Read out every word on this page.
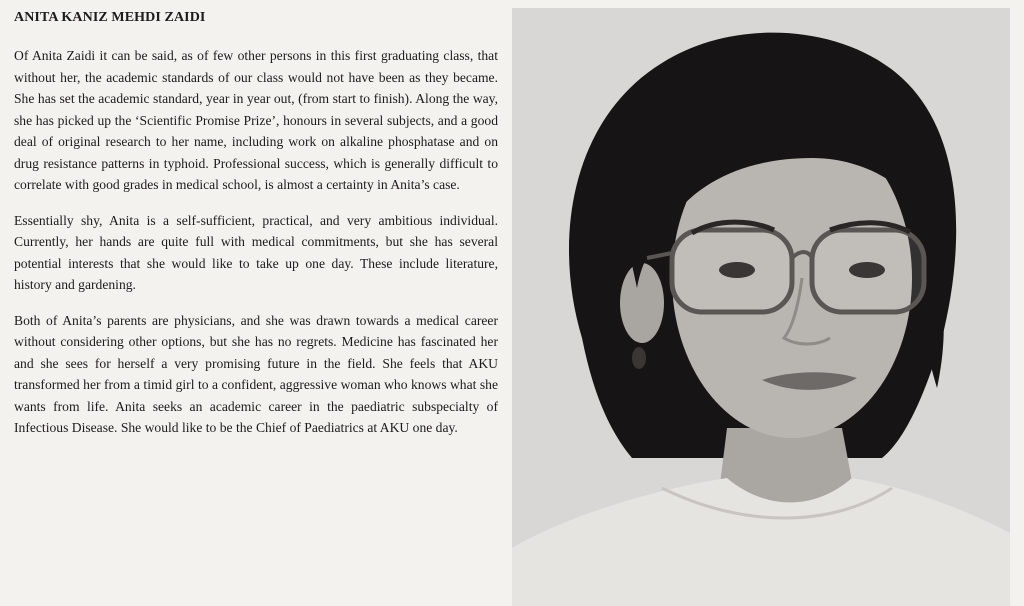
ANITA KANIZ MEHDI ZAIDI

Of Anita Zaidi it can be said, as of few other persons in this first graduating class, that without her, the academic standards of our class would not have been as they became. She has set the academic standard, year in year out, (from start to finish). Along the way, she has picked up the ‘Scientific Promise Prize’, honours in several subjects, and a good deal of original research to her name, including work on alkaline phosphatase and on drug resistance patterns in typhoid. Professional success, which is generally difficult to correlate with good grades in medical school, is almost a certainty in Anita’s case.

Essentially shy, Anita is a self-sufficient, practical, and very ambitious individual. Currently, her hands are quite full with medical commitments, but she has several potential interests that she would like to take up one day. These include literature, history and gardening.

Both of Anita’s parents are physicians, and she was drawn towards a medical career without considering other options, but she has no regrets. Medicine has fascinated her and she sees for herself a very promising future in the field. She feels that AKU transformed her from a timid girl to a confident, aggressive woman who knows what she wants from life. Anita seeks an academic career in the paediatric subspecialty of Infectious Disease. She would like to be the Chief of Paediatrics at AKU one day.
